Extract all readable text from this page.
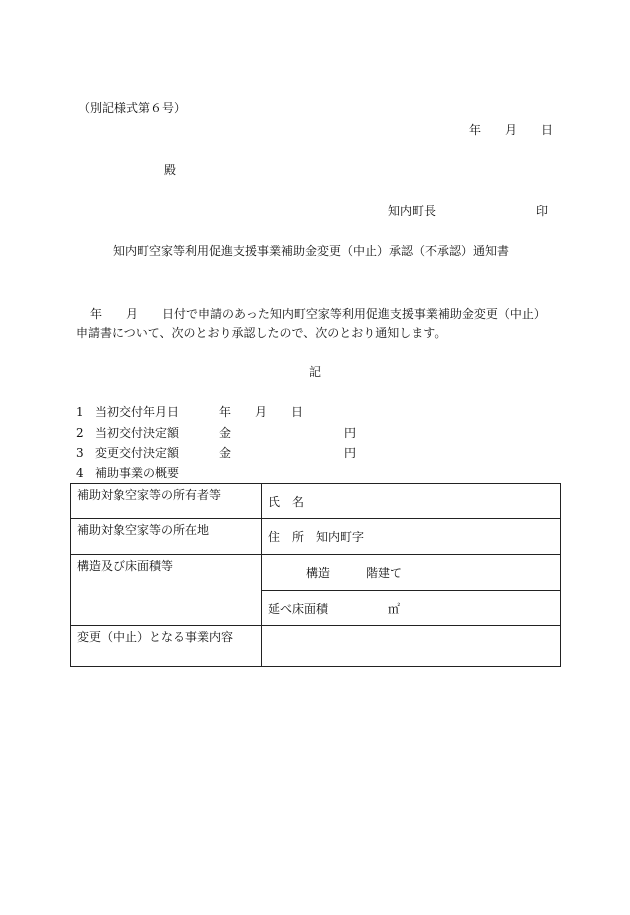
（別記様式第６号）
年　　月　　日
殿
知内町長	印
知内町空家等利用促進支援事業補助金変更（中止）承認（不承認）通知書
年　　月　　日付で申請のあった知内町空家等利用促進支援事業補助金変更（中止）
申請書について、次のとおり承認したので、次のとおり通知します。
記
1 当初交付年月日	年　　月　　日
2 当初交付決定額	金	円
3 変更交付決定額	金	円
4 補助事業の概要
補助対象空家等の所有者等	氏　名
補助対象空家等の所在地	住　所　知内町字
構造及び床面積等	構造　　　階建て
	延べ床面積　　　　　㎡
変更（中止）となる事業内容	
